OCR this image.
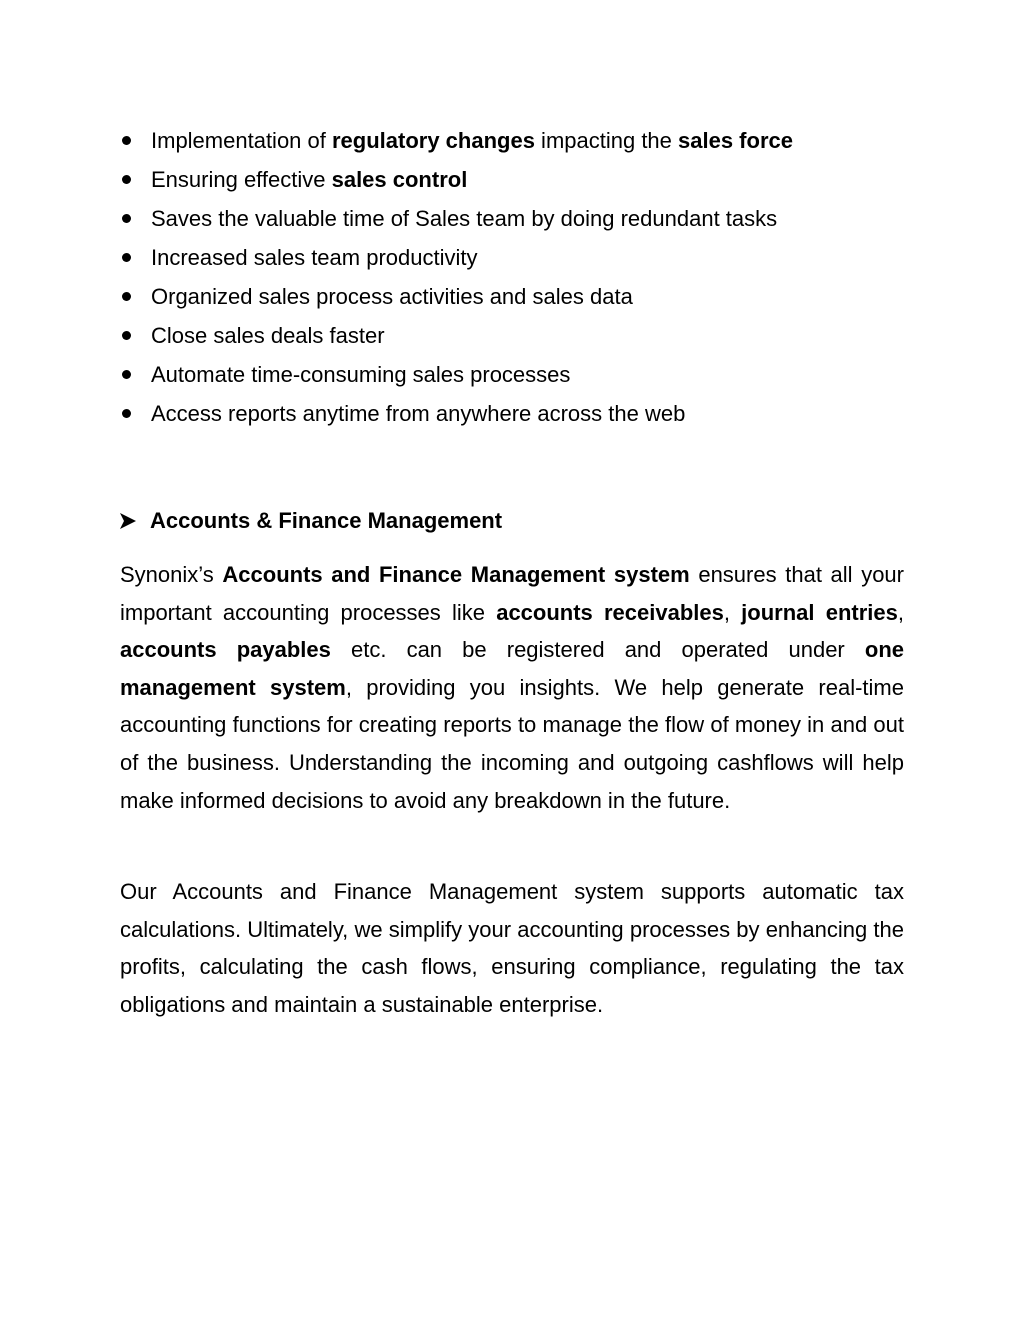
Implementation of regulatory changes impacting the sales force
Ensuring effective sales control
Saves the valuable time of Sales team by doing redundant tasks
Increased sales team productivity
Organized sales process activities and sales data
Close sales deals faster
Automate time-consuming sales processes
Access reports anytime from anywhere across the web
Accounts & Finance Management

Synonix’s Accounts and Finance Management system ensures that all your important accounting processes like accounts receivables, journal entries, accounts payables etc. can be registered and operated under one management system, providing you insights. We help generate real-time accounting functions for creating reports to manage the flow of money in and out of the business. Understanding the incoming and outgoing cashflows will help make informed decisions to avoid any breakdown in the future.

Our Accounts and Finance Management system supports automatic tax calculations. Ultimately, we simplify your accounting processes by enhancing the profits, calculating the cash flows, ensuring compliance, regulating the tax obligations and maintain a sustainable enterprise.
